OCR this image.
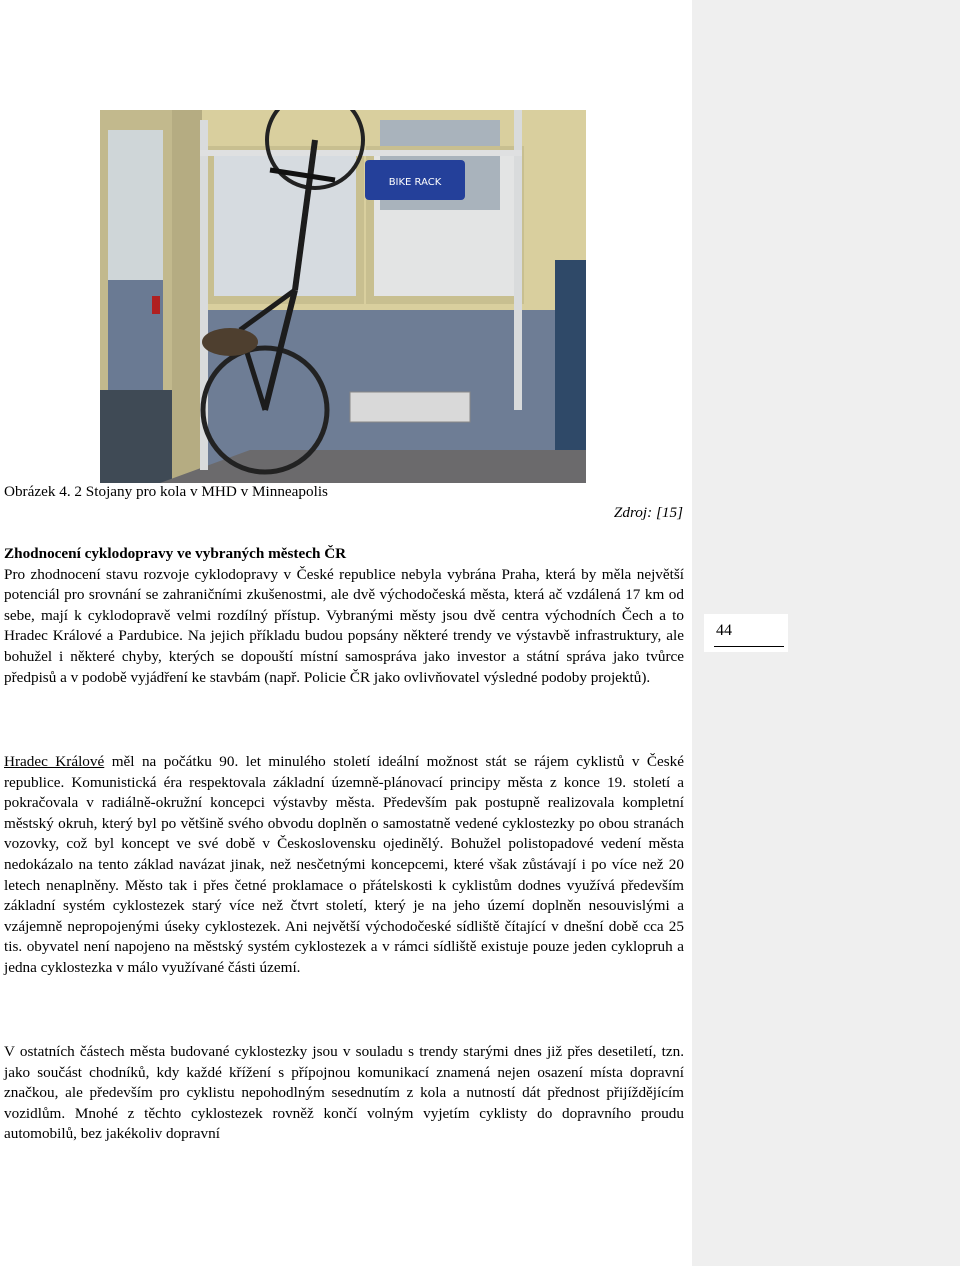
44
BIKE RACK
Obrázek 4. 2 Stojany pro kola v MHD v Minneapolis
Zdroj: [15]
Zhodnocení cyklodopravy ve vybraných městech ČR

Pro zhodnocení stavu rozvoje cyklodopravy v České republice nebyla vybrána Praha, která by měla největší potenciál pro srovnání se zahraničními zkušenostmi, ale dvě východočeská města, která ač vzdálená 17 km od sebe, mají k cyklodopravě velmi rozdílný přístup. Vybranými městy jsou dvě centra východních Čech a to Hradec Králové a Pardubice. Na jejich příkladu budou popsány některé trendy ve výstavbě infrastruktury, ale bohužel i některé chyby, kterých se dopouští místní samospráva jako investor a státní správa jako tvůrce předpisů a v podobě vyjádření ke stavbám (např. Policie ČR jako ovlivňovatel výsledné podoby projektů).

Hradec Králové měl na počátku 90. let minulého století ideální možnost stát se rájem cyklistů v České republice. Komunistická éra respektovala základní územně-plánovací principy města z konce 19. století a pokračovala v radiálně-okružní koncepci výstavby města. Především pak postupně realizovala kompletní městský okruh, který byl po většině svého obvodu doplněn o samostatně vedené cyklostezky po obou stranách vozovky, což byl koncept ve své době v Československu ojedinělý. Bohužel polistopadové vedení města nedokázalo na tento základ navázat jinak, než nesčetnými koncepcemi, které však zůstávají i po více než 20 letech nenaplněny. Město tak i přes četné proklamace o přátelskosti k cyklistům dodnes využívá především základní systém cyklostezek starý více než čtvrt století, který je na jeho území doplněn nesouvislými a vzájemně nepropojenými úseky cyklostezek. Ani největší východočeské sídliště čítající v dnešní době cca 25 tis. obyvatel není napojeno na městský systém cyklostezek a v rámci sídliště existuje pouze jeden cyklopruh a jedna cyklostezka v málo využívané části území.

V ostatních částech města budované cyklostezky jsou v souladu s trendy starými dnes již přes desetiletí, tzn. jako součást chodníků, kdy každé křížení s přípojnou komunikací znamená nejen osazení místa dopravní značkou, ale především pro cyklistu nepohodlným sesednutím z kola a nutností dát přednost přijíždějícím vozidlům. Mnohé z těchto cyklostezek rovněž končí volným vyjetím cyklisty do dopravního proudu automobilů, bez jakékoliv dopravní
